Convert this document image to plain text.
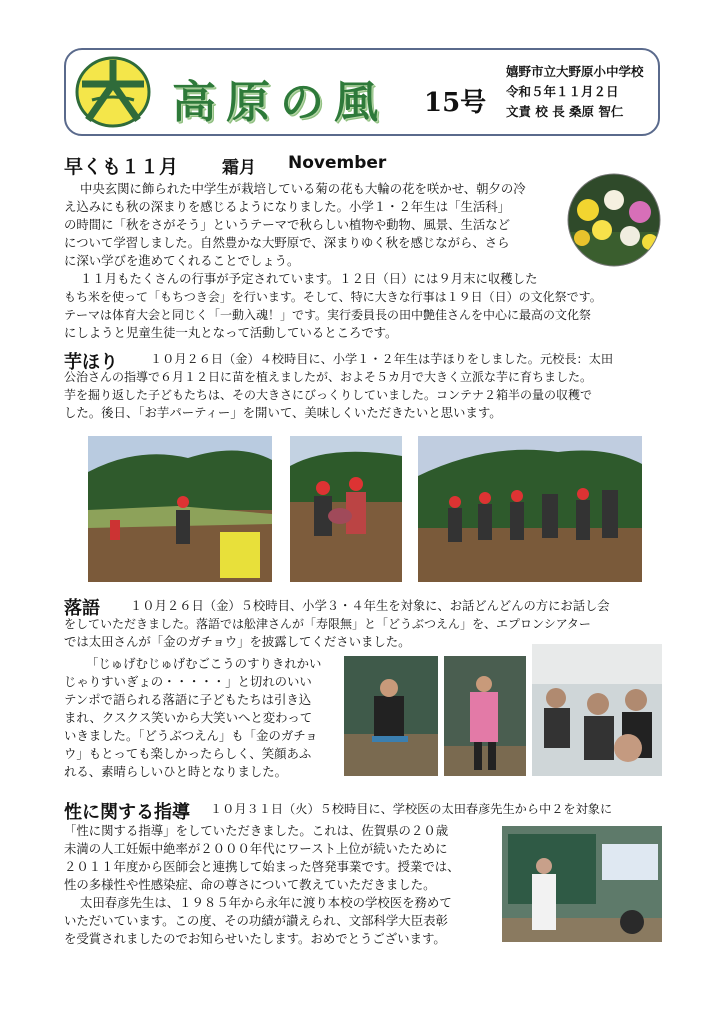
高原の風 15号
嬉野市立大野原小中学校
令和５年１１月２日
文責 校 長 桑原 智仁
早くも１１月	霜月 November
中央玄関に飾られた中学生が栽培している菊の花も大輪の花を咲かせ、朝夕の冷
え込みにも秋の深まりを感じるようになりました。小学１・２年生は「生活科」
の時間に「秋をさがそう」というテーマで秋らしい植物や動物、風景、生活など
について学習しました。自然豊かな大野原で、深まりゆく秋を感じながら、さら
に深い学びを進めてくれることでしょう。
１１月もたくさんの行事が予定されています。１２日（日）には９月末に収穫した
もち米を使って「もちつき会」を行います。そして、特に大きな行事は１９日（日）の文化祭です。
テーマは体育大会と同じく「一動入魂！」です。実行委員長の田中艶佳さんを中心に最高の文化祭
にしようと児童生徒一丸となって活動しているところです。
芋ほり	１０月２６日（金）４校時目に、小学１・２年生は芋ほりをしました。元校長：太田
公治さんの指導で６月１２日に苗を植えましたが、およそ５カ月で大きく立派な芋に育ちました。
芋を掘り返した子どもたちは、その大きさにびっくりしていました。コンテナ２箱半の量の収穫で
した。後日、「お芋パーティー」を開いて、美味しくいただきたいと思います。
落語 １０月２６日（金）５校時目、小学３・４年生を対象に、お話どんどんの方にお話し会
をしていただきました。落語では舩津さんが「寿限無」と「どうぶつえん」を、エプロンシアター
では太田さんが「金のガチョウ」を披露してくださいました。
「じゅげむじゅげむごこうのすりきれかい
じゃりすいぎょの・・・・・」と切れのいい
テンポで語られる落語に子どもたちは引き込
まれ、クスクス笑いから大笑いへと変わって
いきました。「どうぶつえん」も「金のガチョ
ウ」もとっても楽しかったらしく、笑顔あふ
れる、素晴らしいひと時となりました。
性に関する指導 １０月３１日（火）５校時目に、学校医の太田春彦先生から中２を対象に
「性に関する指導」をしていただきました。これは、佐賀県の２０歳
未満の人工妊娠中絶率が２０００年代にワースト上位が続いたために
２０１１年度から医師会と連携して始まった啓発事業です。授業では、
性の多様性や性感染症、命の尊さについて教えていただきました。
太田春彦先生は、１９８５年から永年に渡り本校の学校医を務めて
いただいています。この度、その功績が讃えられ、文部科学大臣表彰
を受賞されましたのでお知らせいたします。おめでとうございます。
